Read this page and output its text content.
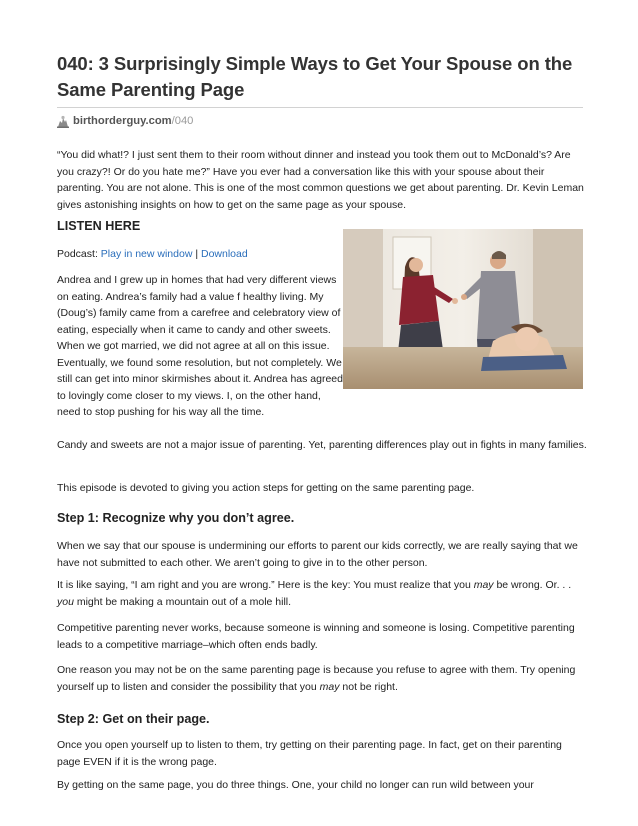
040: 3 Surprisingly Simple Ways to Get Your Spouse on the Same Parenting Page
birthorderguy.com/040

“You did what!? I just sent them to their room without dinner and instead you took them out to McDonald’s? Are you crazy?! Or do you hate me?” Have you ever had a conversation like this with your spouse about their parenting. You are not alone. This is one of the most common questions we get about parenting. Dr. Kevin Leman gives astonishing insights on how to get on the same page as your spouse.

LISTEN HERE

Podcast: Play in new window | Download

Andrea and I grew up in homes that had very different views on eating. Andrea’s family had a value f healthy living. My (Doug’s) family came from a carefree and celebratory view of eating, especially when it came to candy and other sweets. When we got married, we did not agree at all on this issue. Eventually, we found some resolution, but not completely. We still can get into minor skirmishes about it. Andrea has agreed to lovingly come closer to my views. I, on the other hand, need to stop pushing for his way all the time.

Candy and sweets are not a major issue of parenting. Yet, parenting differences play out in fights in many families.

This episode is devoted to giving you action steps for getting on the same parenting page.

Step 1: Recognize why you don’t agree.

When we say that our spouse is undermining our efforts to parent our kids correctly, we are really saying that we have not submitted to each other. We aren’t going to give in to the other person.

It is like saying, “I am right and you are wrong.” Here is the key: You must realize that you may be wrong. Or. . . you might be making a mountain out of a mole hill.

Competitive parenting never works, because someone is winning and someone is losing. Competitive parenting leads to a competitive marriage–which often ends badly.

One reason you may not be on the same parenting page is because you refuse to agree with them. Try opening yourself up to listen and consider the possibility that you may not be right.

Step 2: Get on their page.

Once you open yourself up to listen to them, try getting on their parenting page. In fact, get on their parenting page EVEN if it is the wrong page.

By getting on the same page, you do three things. One, your child no longer can run wild between your
